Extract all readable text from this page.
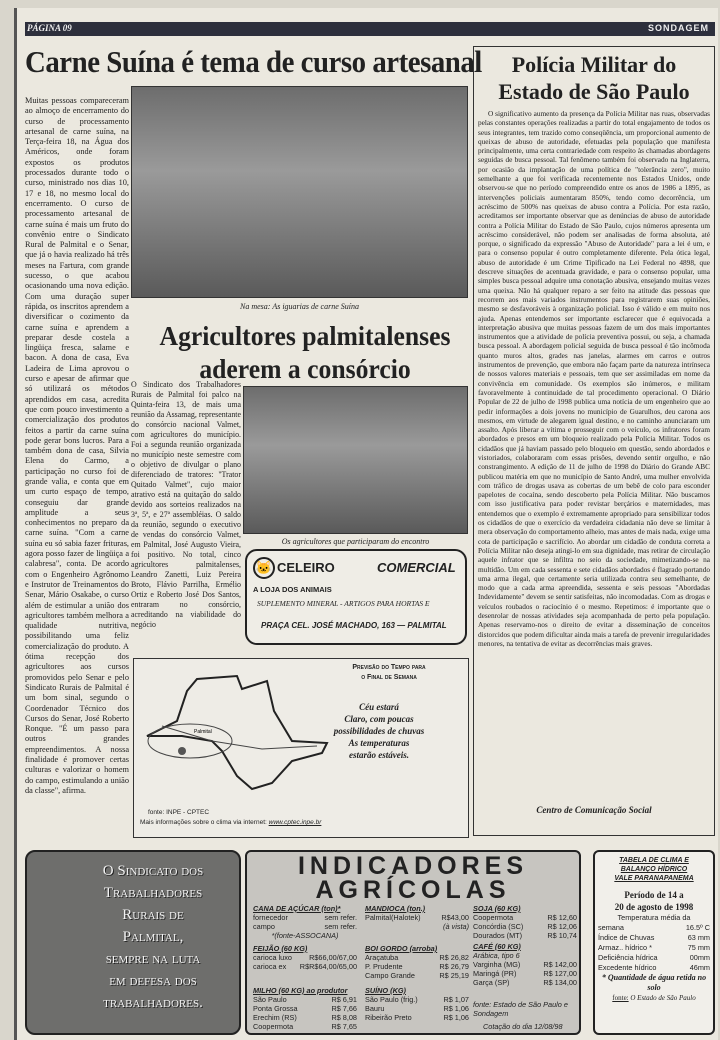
PÁGINA 09	SONDAGEM
Carne Suína é tema de curso artesanal
Muitas pessoas compareceram ao almoço de encerramento do curso de processamento artesanal de carne suína, na Terça-feira 18, na Água dos Américos, onde foram expostos os produtos processados durante todo o curso, ministrado nos dias 10, 17 e 18, no mesmo local do encerramento. O curso de processamento artesanal de carne suína é mais um fruto do convênio entre o Sindicato Rural de Palmital e o Senar, que já o havia realizado há três meses na Fartura, com grande sucesso, o que acabou ocasionando uma nova edição. Com uma duração super rápida, os inscritos aprendem a diversificar o cozimento da carne suína e aprendem a preparar desde costela a lingüiça fresca, salame e bacon. A dona de casa, Eva Ladeira de Lima aprovou o curso e apesar de afirmar que só utilizará os métodos aprendidos em casa, acredita que com pouco investimento a comercialização dos produtos feitos a partir da carne suína pode gerar bons lucros. Para a também dona de casa, Silvia Elena do Carmo, a participação no curso foi de grande valia, e conta que em um curto espaço de tempo, conseguiu dar grande amplitude a seus conhecimentos no preparo da carne suína. "Com a carne suína eu só sabia fazer frituras, agora posso fazer de lingüiça a calabresa", conta. De acordo com o Engenheiro Agrônomo e Instrutor de Treinamentos do Senar, Mário Osakabe, o curso além de estimular a união dos agricultores também melhora a qualidade nutritiva, possibilitando uma feliz comercialização do produto. A ótima recepção dos agricultores aos cursos promovidos pelo Senar e pelo Sindicato Rurais de Palmital é um bom sinal, segundo o Coordenador Técnico dos Cursos do Senar, José Roberto Ronque. "É um passo para outros grandes empreendimentos. A nossa finalidade é promover certas culturas e valorizar o homem do campo, estimulando a união da classe", afirma.
Na mesa: As iguarias de carne Suína
Agricultores palmitalenses aderem a consórcio
O Sindicato dos Trabalhadores Rurais de Palmital foi palco na Quinta-feira 13, de mais uma reunião da Assamag, representante do consórcio nacional Valmet, com agricultores do município. Foi a segunda reunião organizada no município neste semestre com o objetivo de divulgar o plano diferenciado de tratores: "Trator Quitado Valmet", cujo maior atrativo está na quitação do saldo devido aos sorteios realizados na 3ª, 5ª, e 27ª assembléias. O saldo da reunião, segundo o executivo de vendas do consórcio Valmet, em Palmital, José Augusto Vieira, foi positivo. No total, cinco agricultores palmitalenses, Leandro Zanetti, Luiz Pereira Broto, Flávio Parrilha, Ermélio Ortiz e Roberto José Dos Santos, entraram no consórcio, acreditando na viabilidade do negócio
Os agricultores que participaram do encontro
🐱 CELEIRO	COMERCIAL
A LOJA DOS ANIMAIS
SUPLEMENTO MINERAL - ARTIGOS PARA HORTAS E
PRAÇA CEL. JOSÉ MACHADO, 163 — PALMITAL
Previsão do Tempo para
o Final de Semana
Palmital
Céu estará
Claro, com poucas
possibilidades de chuvas
As temperaturas
estarão estáveis.
fonte: INPE - CPTEC
Mais informações sobre o clima via internet: www.cptec.inpe.br
Polícia Militar do
Estado de São Paulo
O significativo aumento da presença da Polícia Militar nas ruas, observadas pelas constantes operações realizadas a partir do total engajamento de todos os seus integrantes, tem trazido como conseqüência, um proporcional aumento de queixas de abuso de autoridade, efetuadas pela população que manifesta principalmente, uma certa contrariedade com respeito às chamadas abordagens seguidas de busca pessoal. Tal fenômeno também foi observado na Inglaterra, por ocasião da implantação de uma política de "tolerância zero", muito semelhante a que foi verificada recentemente nos Estados Unidos, onde observou-se que no período compreendido entre os anos de 1986 a 1895, as intervenções policiais aumentaram 850%, tendo como decorrência, um acréscimo de 500% nas queixas de abuso contra a Polícia. Por esta razão, acreditamos ser importante observar que as denúncias de abuso de autoridade contra a Polícia Militar do Estado de São Paulo, cujos números apresenta um acréscimo considerável, não podem ser analisadas de forma absoluta, até porque, o significado da expressão "Abuso de Autoridade" para a lei é um, e para o consenso popular é outro completamente diferente. Pela ótica legal, abuso de autoridade é um Crime Tipificado na Lei Federal no 4898, que descreve situações de acentuada gravidade, e para o consenso popular, uma simples busca pessoal adquire uma conotação abusiva, ensejando muitas vezes uma queixa. Não há qualquer reparo a ser feito na atitude das pessoas que recorrem aos mais variados instrumentos para registrarem suas opiniões, mesmo se desfavoráveis à organização policial. Isso é válido e em muito nos ajuda. Apenas entendemos ser importante esclarecer que é equivocada a interpretação abusiva que muitas pessoas fazem de um dos mais importantes instrumentos que a atividade de polícia preventiva possui, ou seja, a chamada busca pessoal. A abordagem policial seguida de busca pessoal é tão incômoda quanto muros altos, grades nas janelas, alarmes em carros e outros instrumentos de prevenção, que embora não façam parte da natureza intrínseca de nossos valores materiais e pessoais, tem que ser assimiladas em nome da convivência em comunidade. Os exemplos são inúmeros, e militam favoravelmente à continuidade de tal procedimento operacional. O Diário Popular de 22 de julho de 1998 publica uma notícia de um engenheiro que ao pedir informações a dois jovens no município de Guarulhos, deu carona aos mesmos, em virtude de alegarem igual destino, e no caminho anunciaram um assalto. Após liberar a vítima e prosseguir com o veículo, os infratores foram abordados e presos em um bloqueio realizado pela Polícia Militar. Todos os cidadãos que já haviam passado pelo bloqueio em questão, sendo abordados e vistoriados, colaboraram com essas prisões, devendo sentir orgulho, e não constrangimento. A edição de 11 de julho de 1998 do Diário do Grande ABC publicou matéria em que no município de Santo André, uma mulher envolvida com tráfico de drogas usava as cobertas de um bebê de colo para esconder papelotes de cocaína, sendo descoberto pela Polícia Militar. Não buscamos com isso justificativa para poder revistar berçários e maternidades, mas entendemos que o exemplo é extremamente apropriado para sensibilizar todos os cidadãos de que o exercício da verdadeira cidadania não deve se limitar à mera observação do comportamento alheio, mas antes de mais nada, exige uma cota de participação e sacrifício. Ao abordar um cidadão de conduta correta a Polícia Militar não deseja atingi-lo em sua dignidade, mas retirar de circulação aquele infrator que se infiltra no seio da sociedade, mimetizando-se na multidão. Um em cada sessenta e sete cidadãos abordados é flagrado portando uma arma ilegal, que certamente seria utilizada contra seu semelhante, de modo que a cada arma apreendida, sessenta e seis pessoas "Abordadas Indevidamente" devem se sentir satisfeitas, não incomodadas. Com as drogas e veículos roubados o raciocínio é o mesmo. Repetimos: é importante que o desenrolar de nossas atividades seja acompanhada de perto pela população. Apenas reservamo-nos o direito de evitar a disseminação de conceitos distorcidos que podem dificultar ainda mais a tarefa de prevenir irregularidades menores, na tentativa de evitar as decorrências mais graves.
Centro de Comunicação Social
O Sindicato dos
Trabalhadores
Rurais de
Palmital,
sempre na luta
em defesa dos
trabalhadores.
INDICADORES
AGRÍCOLAS
CANA DE AÇÚCAR (ton)*
fornecedor	sem refer.
campo	sem refer.
*(fonte-ASSOCANA)
FEIJÃO (60 KG)
carioca luxo R$66,00/67,00
carioca ex R$R$64,00/65,00
MILHO (60 KG) ao produtor
São Paulo	R$ 6,91
Ponta Grossa	R$ 7,66
Erechim (RS)	R$ 8,08
Coopermota	R$ 7,65
MANDIOCA (ton.)
Palmital(Halotek)	R$43,00
(à vista)
BOI GORDO (arroba)
Araçatuba	R$ 26,82
P. Prudente	R$ 26,79
Campo Grande	R$ 25,19
SUÍNO (KG)
São Paulo (frig.)	R$ 1,07
Bauru	R$ 1,06
Ribeirão Preto	R$ 1,06
SOJA (60 KG)
Coopermota	R$ 12,60
Concórdia (SC)	R$ 12,06
Dourados (MT)	R$ 10,74
CAFÉ (60 KG)
Arábica, tipo 6
Varginha (MG)	R$ 142,00
Maringá (PR)	R$ 127,00
Garça (SP)	R$ 134,00
fonte: Estado de São Paulo e Sondagem
Cotação do dia 12/08/98
TABELA DE CLIMA E
BALANÇO HÍDRICO
VALE PARANAPANEMA
Período de 14 a
20 de agosto de 1998
Temperatura média da
semana	16.5º C
Índice de Chuvas	63 mm
Armaz.. hídrico *	75 mm
Deficiência hídrica	00mm
Excedente hídrico	46mm
* Quantidade de água retida no solo
fonte: O Estado de São Paulo
